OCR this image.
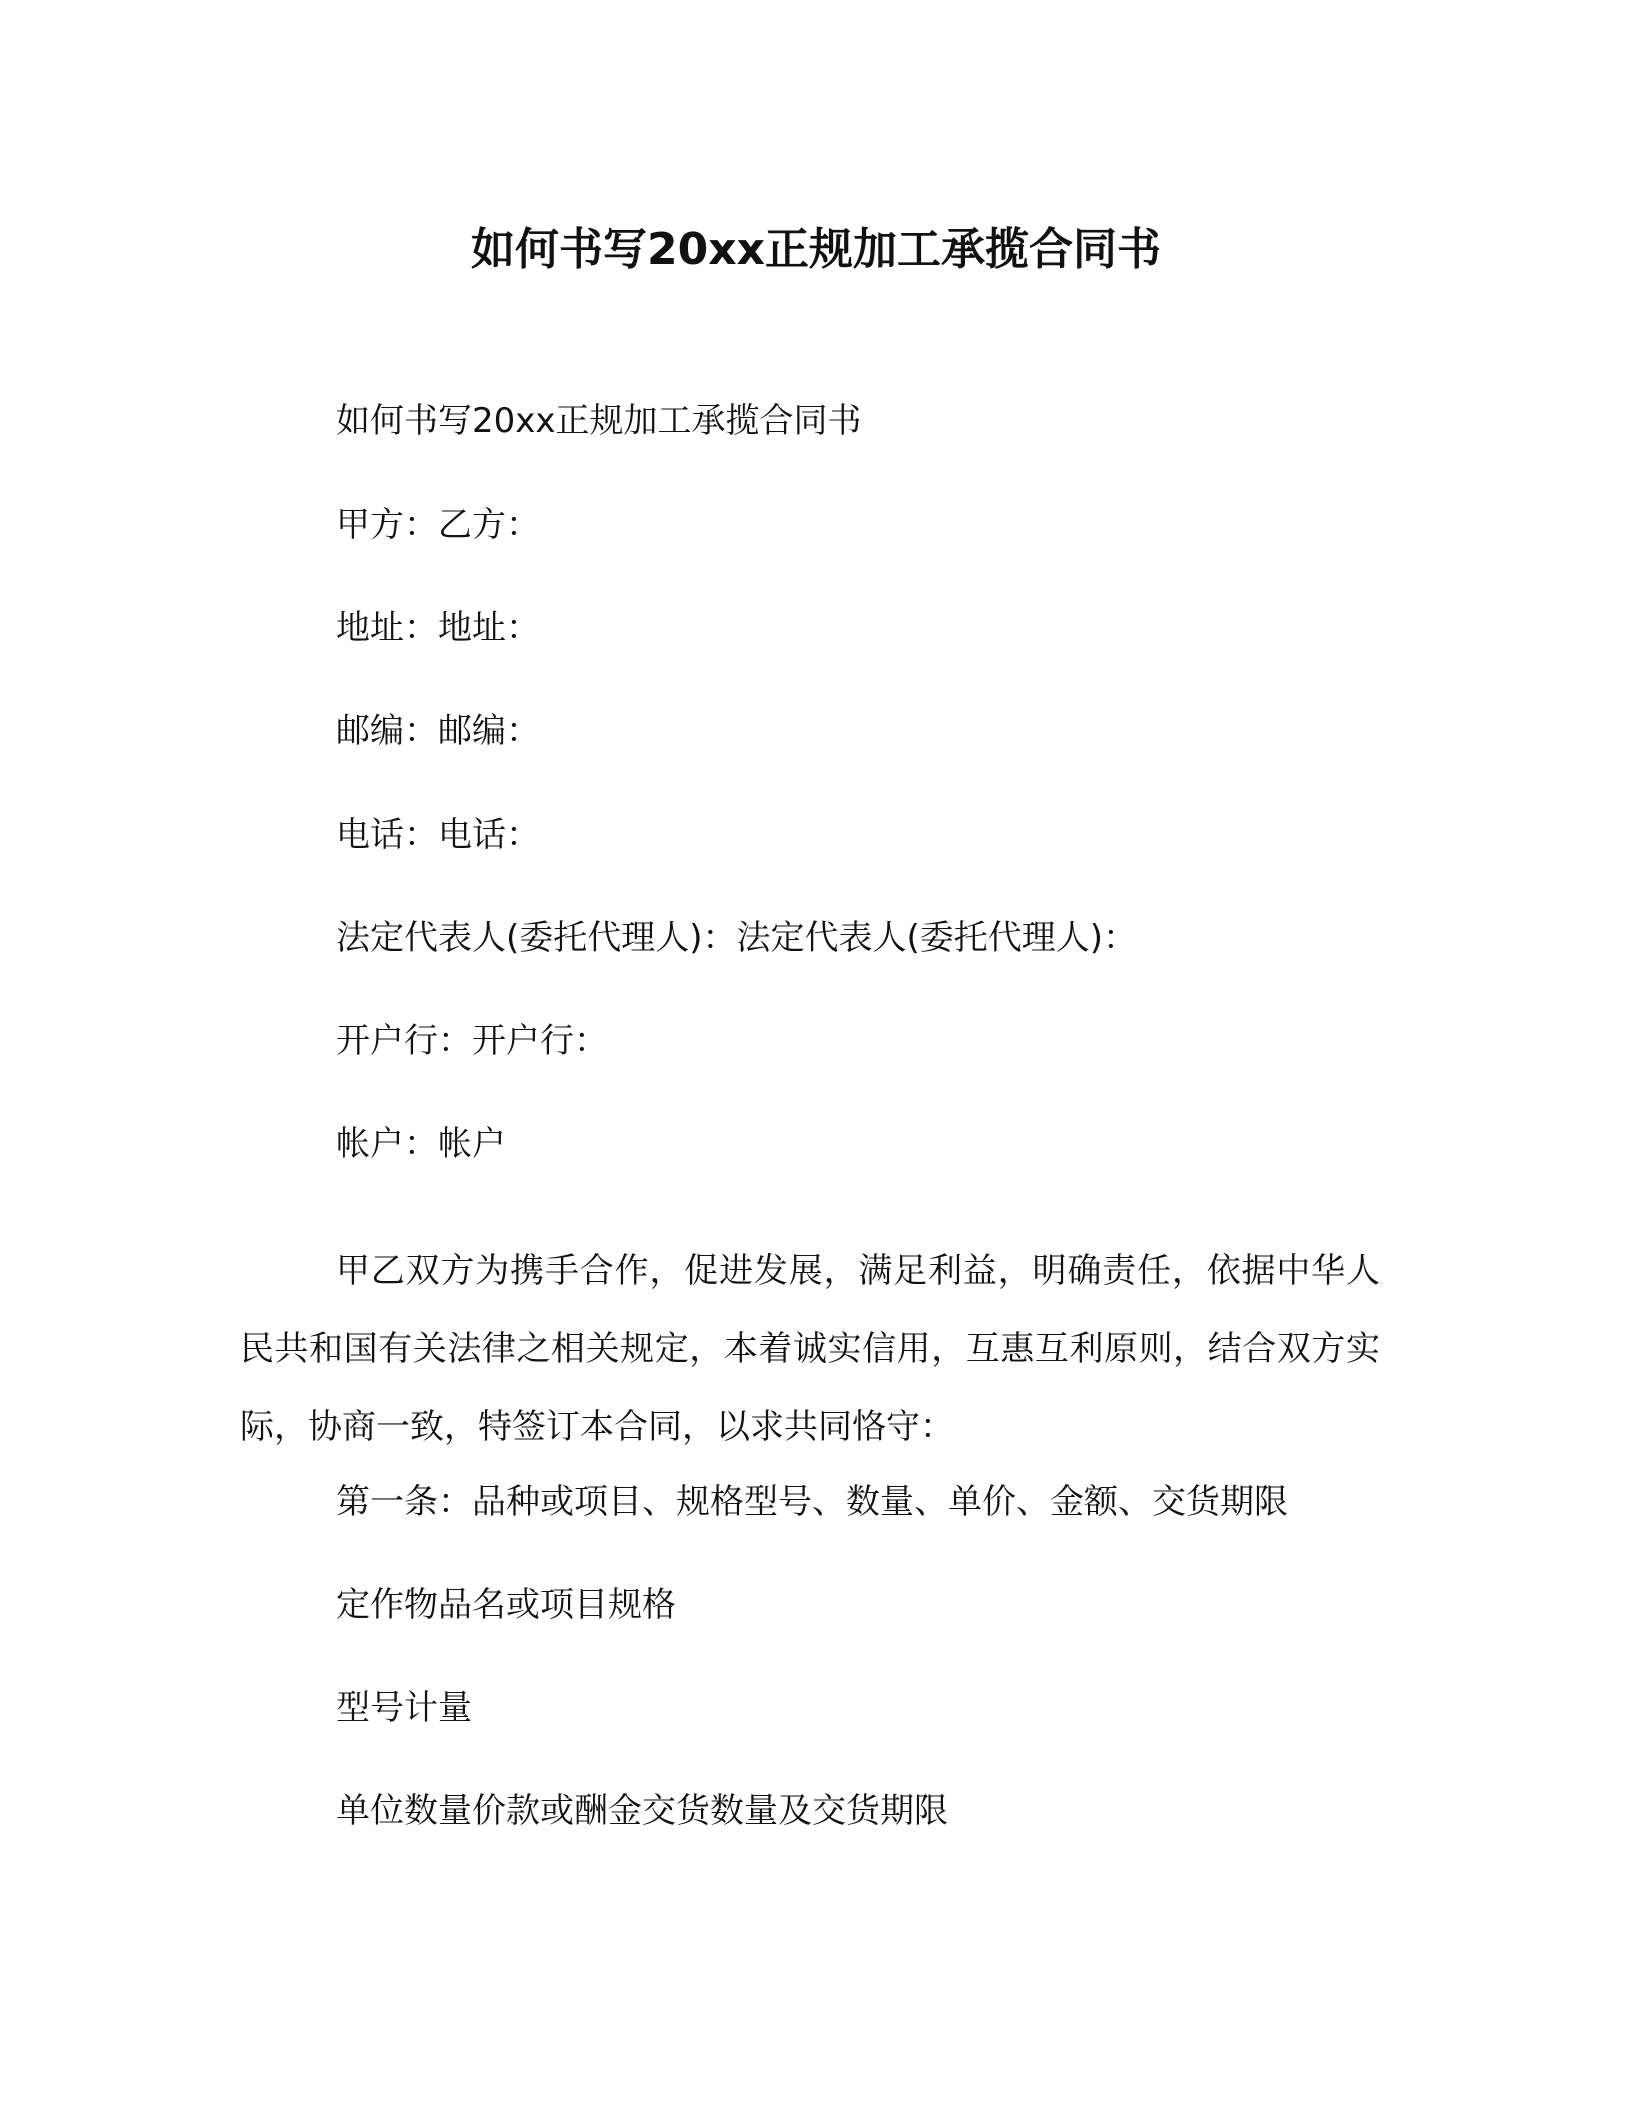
如何书写20xx正规加工承揽合同书

如何书写20xx正规加工承揽合同书

甲方：乙方：

地址：地址：

邮编：邮编：

电话：电话：

法定代表人(委托代理人)：法定代表人(委托代理人)：

开户行：开户行：

帐户：帐户

甲乙双方为携手合作，促进发展，满足利益，明确责任，依据中华人民共和国有关法律之相关规定，本着诚实信用，互惠互利原则，结合双方实际，协商一致，特签订本合同，以求共同恪守：

第一条：品种或项目、规格型号、数量、单价、金额、交货期限

定作物品名或项目规格

型号计量

单位数量价款或酬金交货数量及交货期限
